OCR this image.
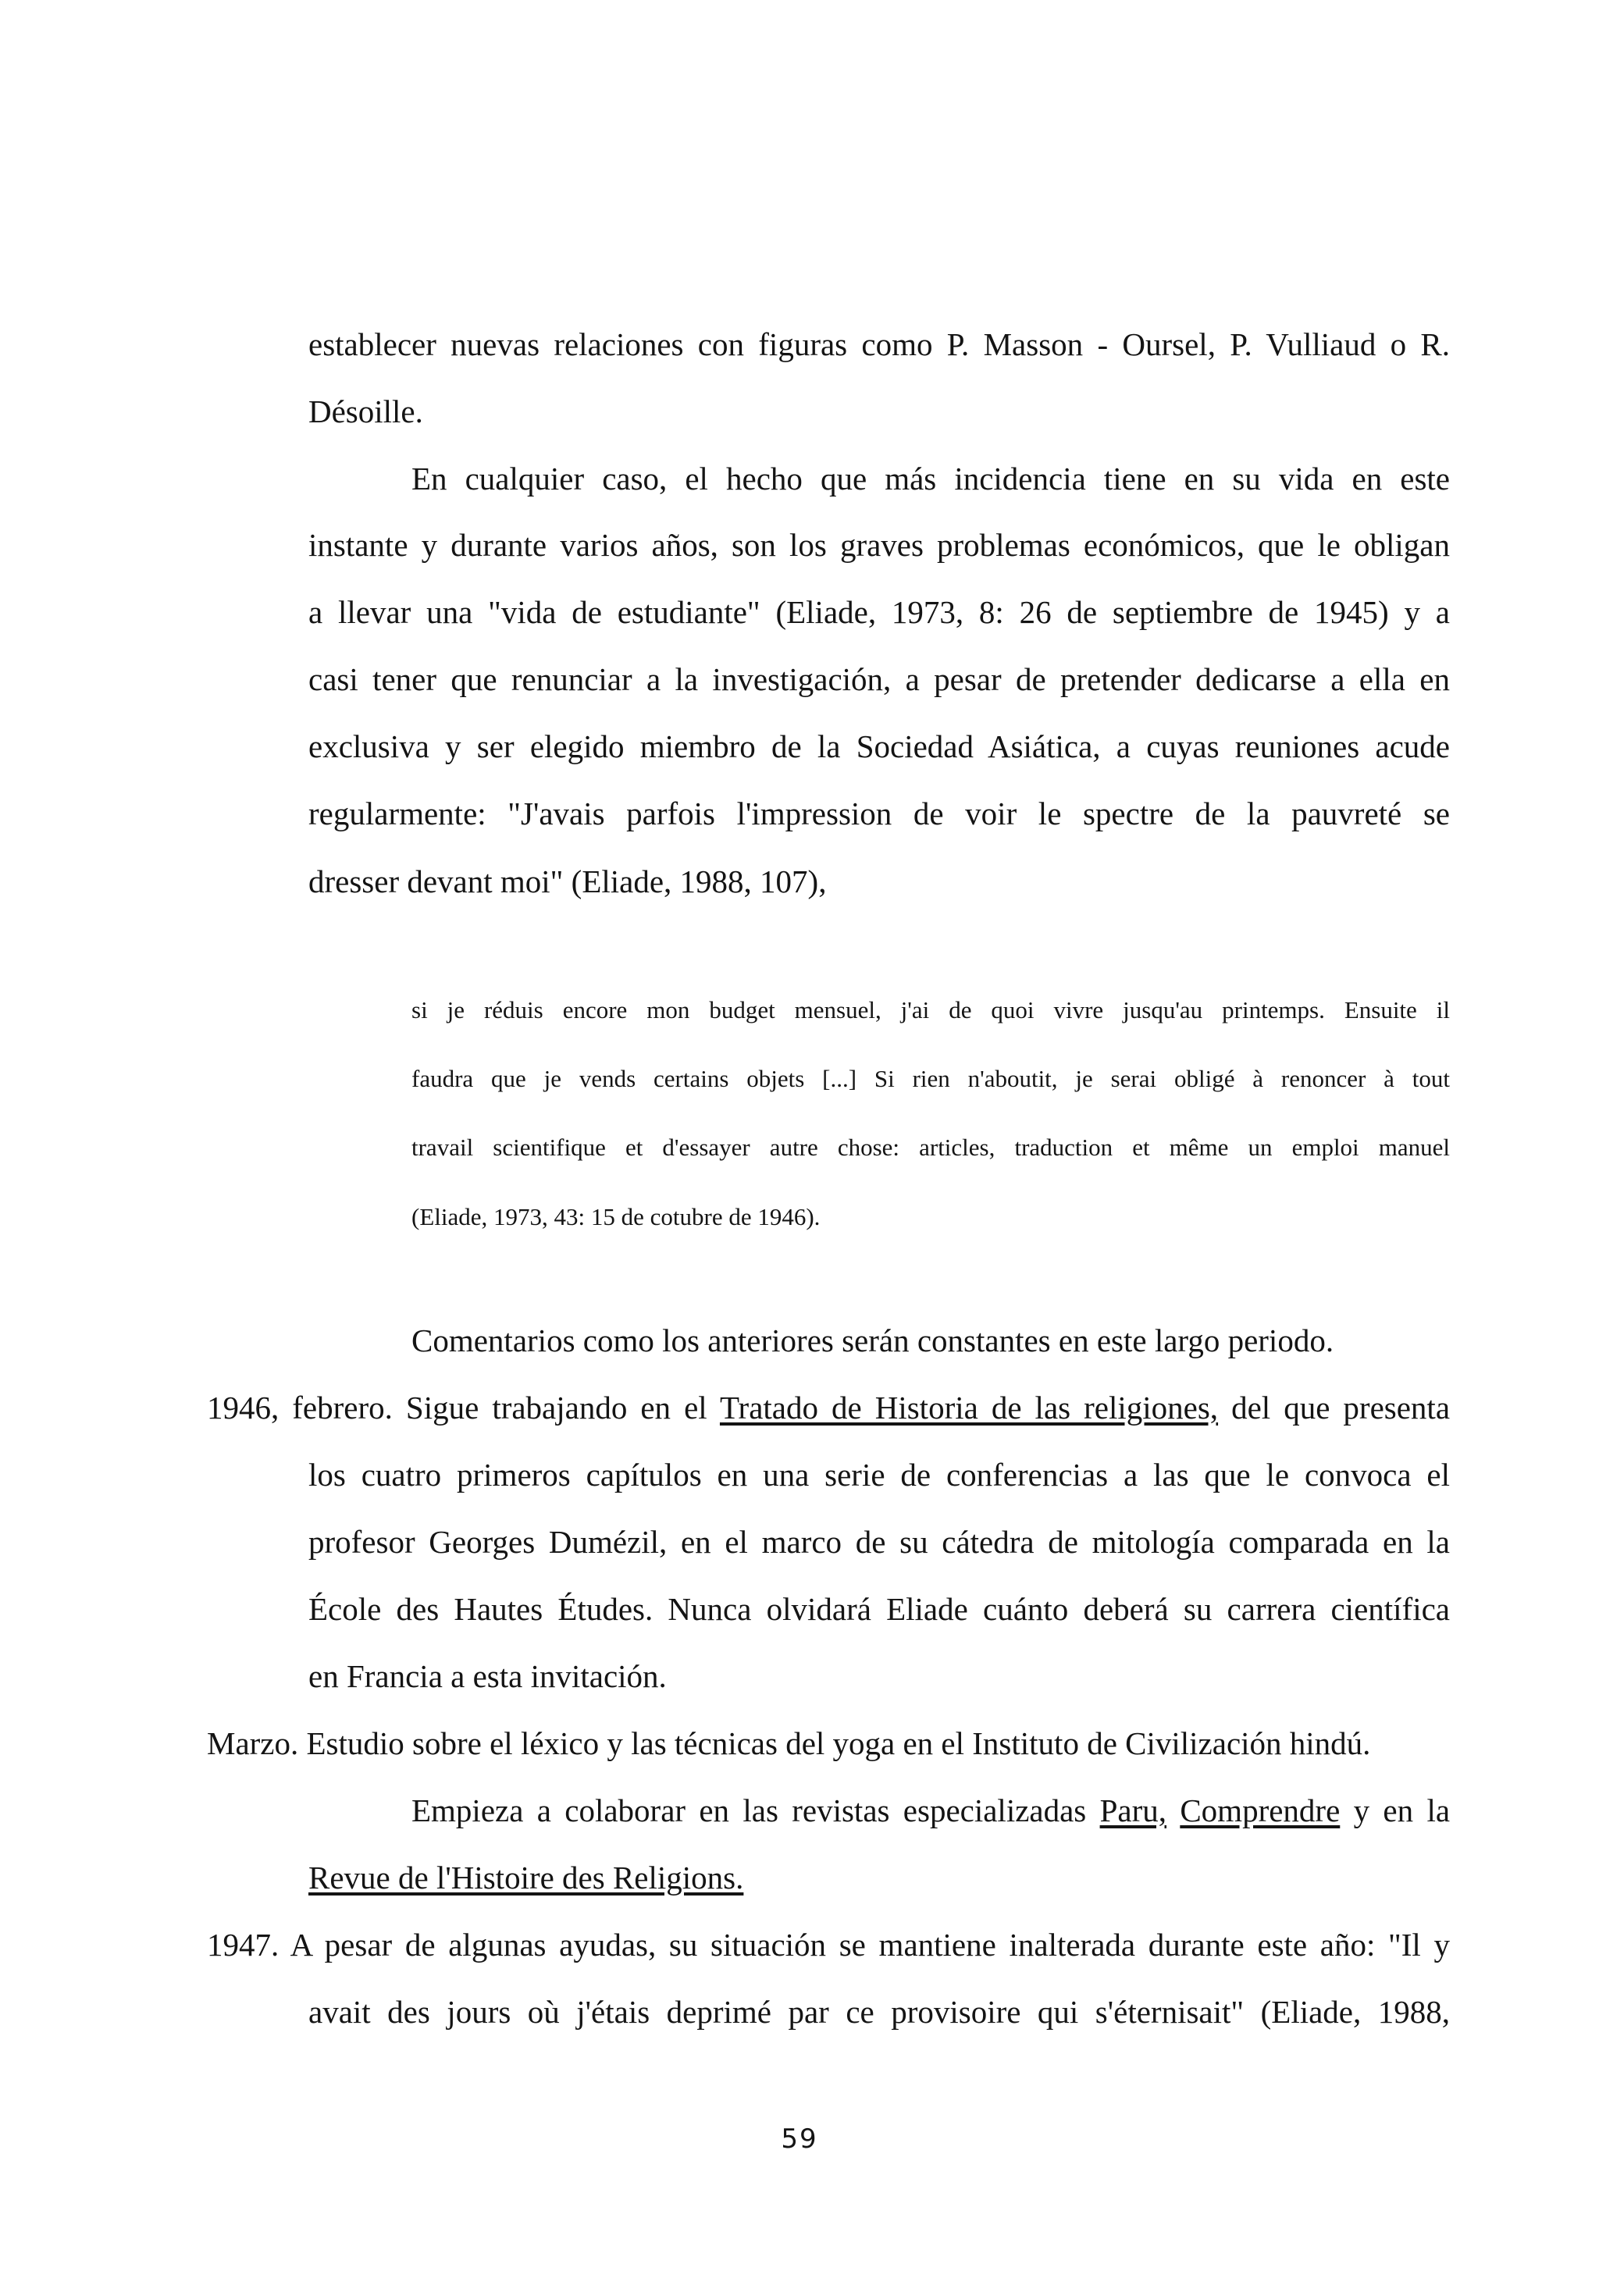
establecer nuevas relaciones con figuras como P. Masson - Oursel, P. Vulliaud o R.
Désoille.
En cualquier caso, el hecho que más incidencia tiene en su vida en este
instante y durante varios años, son los graves problemas económicos, que le obligan
a llevar una "vida de estudiante" (Eliade, 1973, 8: 26 de septiembre de 1945) y a
casi tener que renunciar a la investigación, a pesar de pretender dedicarse a ella en
exclusiva y ser elegido miembro de la Sociedad Asiática, a cuyas reuniones acude
regularmente: "J'avais parfois l'impression de voir le spectre de la pauvreté se
dresser devant moi" (Eliade, 1988, 107),
si je réduis encore mon budget mensuel, j'ai de quoi vivre jusqu'au printemps. Ensuite il
faudra que je vends certains objets [...] Si rien n'aboutit, je serai obligé à renoncer à tout
travail scientifique et d'essayer autre chose: articles, traduction et même un emploi manuel
(Eliade, 1973, 43: 15 de cotubre de 1946).
Comentarios como los anteriores serán constantes en este largo periodo.
1946, febrero. Sigue trabajando en el Tratado de Historia de las religiones, del que presenta
los cuatro primeros capítulos en una serie de conferencias a las que le convoca el
profesor Georges Dumézil, en el marco de su cátedra de mitología comparada en la
École des Hautes Études. Nunca olvidará Eliade cuánto deberá su carrera científica
en Francia a esta invitación.
Marzo. Estudio sobre el léxico y las técnicas del yoga en el Instituto de Civilización hindú.
Empieza a colaborar en las revistas especializadas Paru, Comprendre y en la
Revue de l'Histoire des Religions.
1947. A pesar de algunas ayudas, su situación se mantiene inalterada durante este año: "Il y
avait des jours où j'étais deprimé par ce provisoire qui s'éternisait" (Eliade, 1988,
59
